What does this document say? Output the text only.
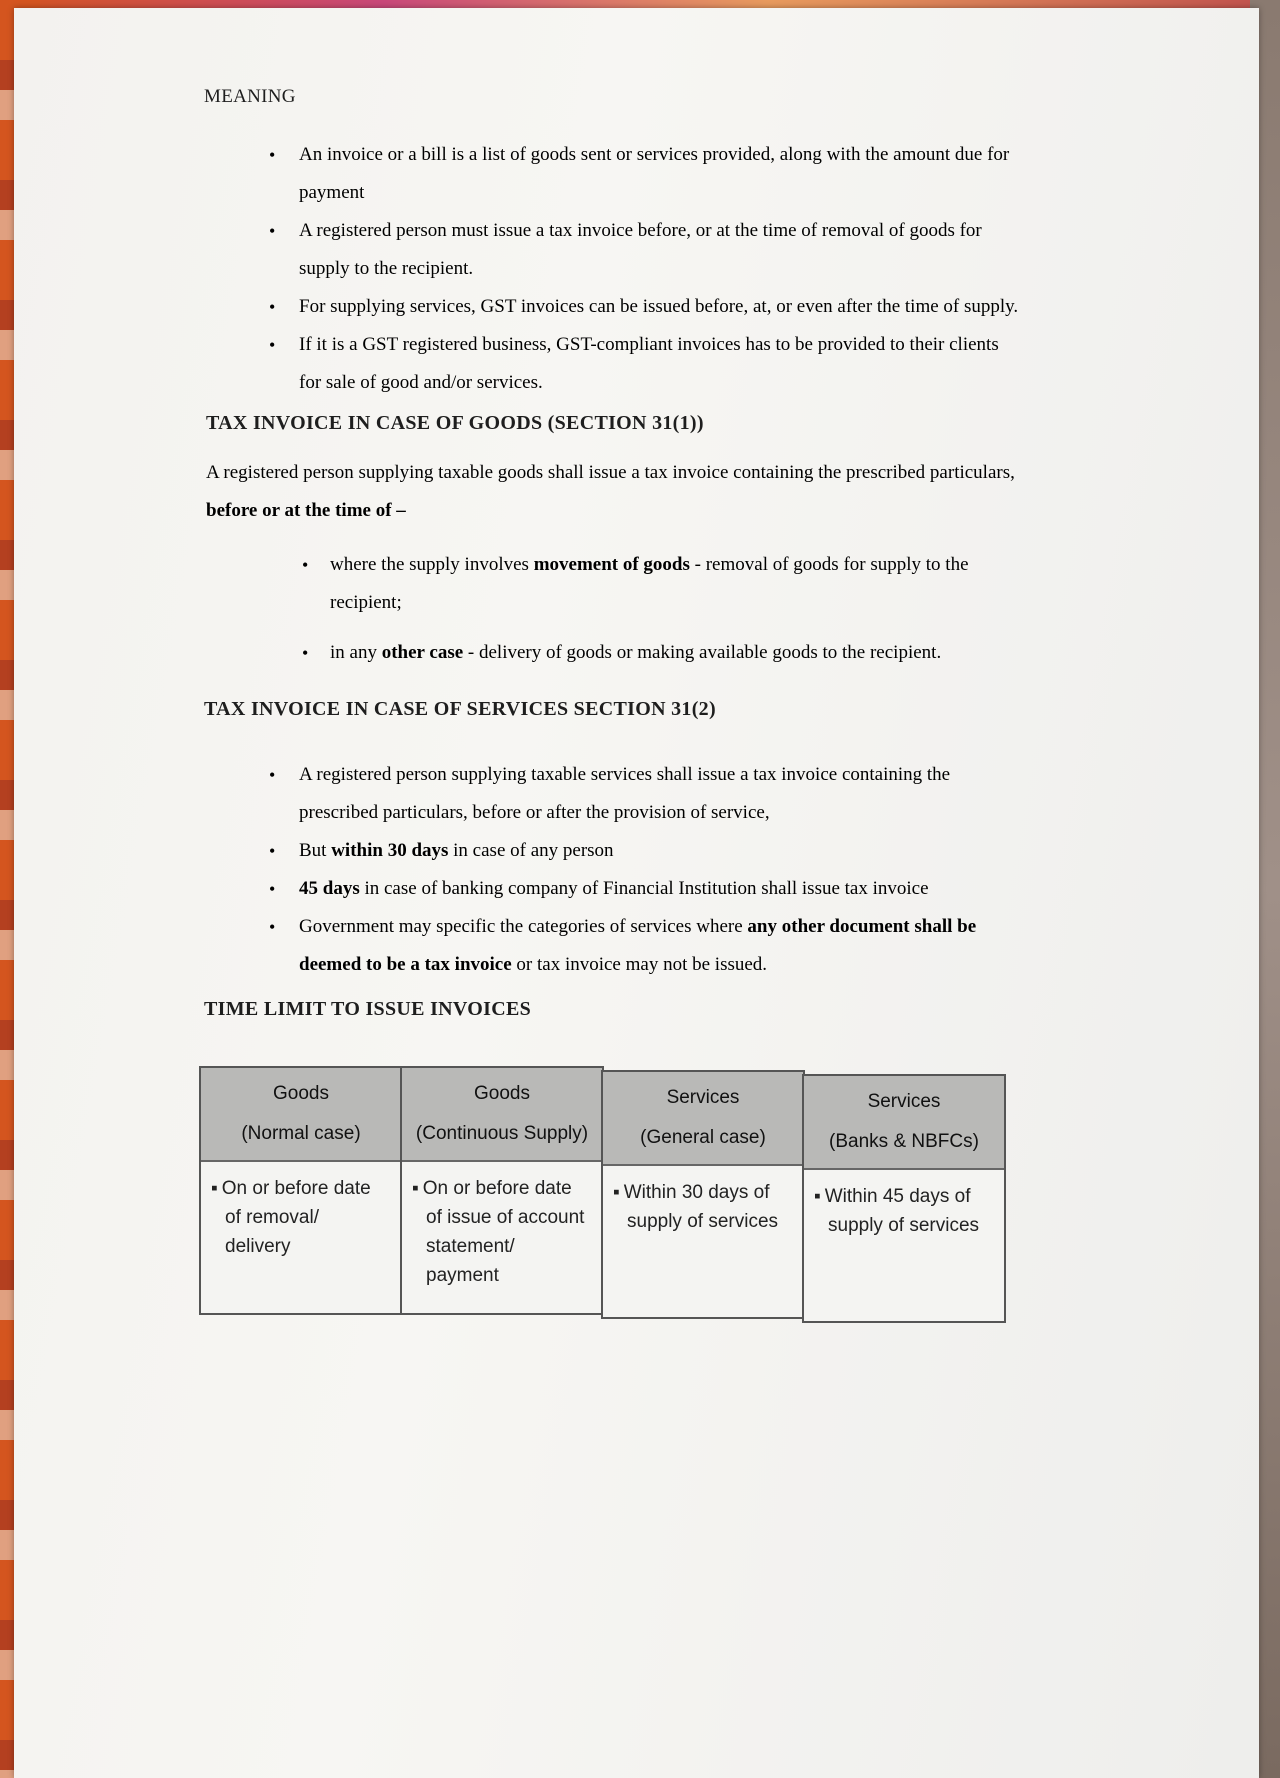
MEANING

• An invoice or a bill is a list of goods sent or services provided, along with the amount due for
payment
• A registered person must issue a tax invoice before, or at the time of removal of goods for
supply to the recipient.
• For supplying services, GST invoices can be issued before, at, or even after the time of supply.
• If it is a GST registered business, GST-compliant invoices has to be provided to their clients
for sale of good and/or services.

TAX INVOICE IN CASE OF GOODS (SECTION 31(1))

A registered person supplying taxable goods shall issue a tax invoice containing the prescribed particulars,
before or at the time of –

• where the supply involves movement of goods - removal of goods for supply to the
recipient;
• in any other case - delivery of goods or making available goods to the recipient.

TAX INVOICE IN CASE OF SERVICES SECTION 31(2)

• A registered person supplying taxable services shall issue a tax invoice containing the
prescribed particulars, before or after the provision of service,
• But within 30 days in case of any person
• 45 days in case of banking company of Financial Institution shall issue tax invoice
• Government may specific the categories of services where any other document shall be
deemed to be a tax invoice or tax invoice may not be issued.

TIME LIMIT TO ISSUE INVOICES

Goods
(Normal case)
▪ On or before date
of removal/
delivery
Goods
(Continuous Supply)
▪ On or before date
of issue of account
statement/
payment
Services
(General case)
▪ Within 30 days of
supply of services
Services
(Banks & NBFCs)
▪ Within 45 days of
supply of services
